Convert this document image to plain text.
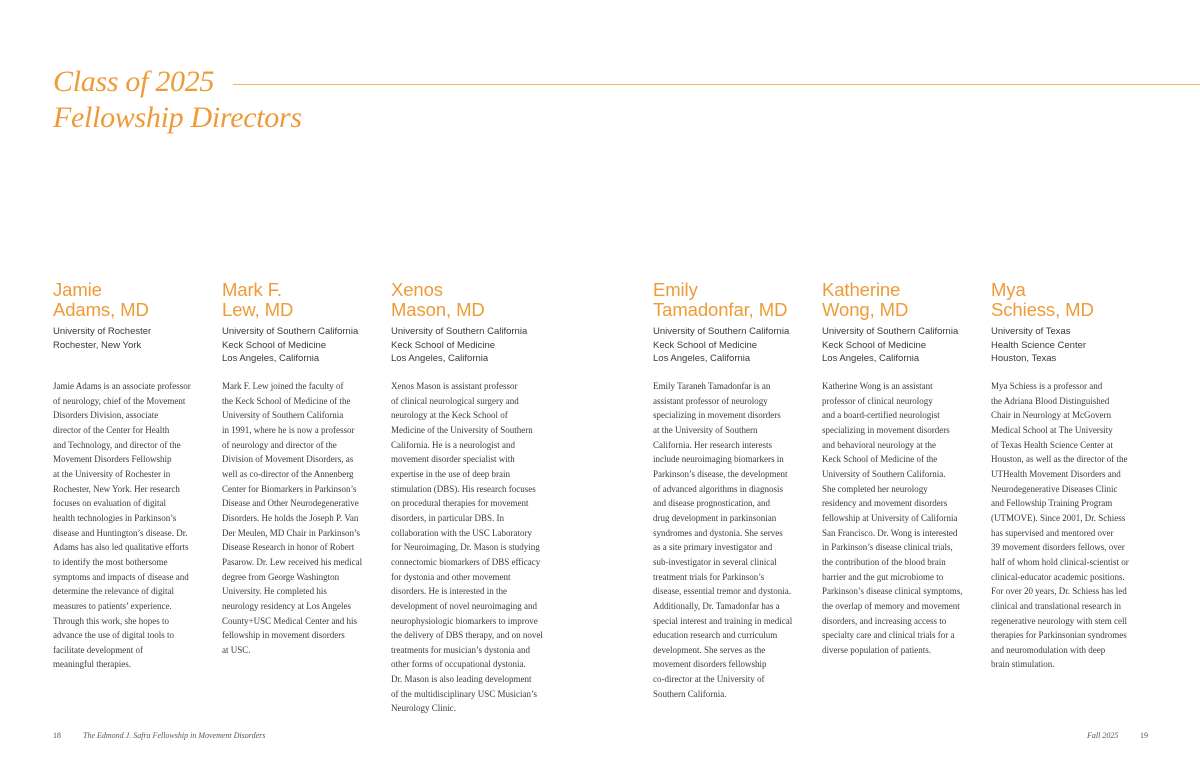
Class of 2025
Fellowship Directors
Jamie
Adams, MD
University of Rochester
Rochester, New York
Jamie Adams is an associate professor
of neurology, chief of the Movement
Disorders Division, associate
director of the Center for Health
and Technology, and director of the
Movement Disorders Fellowship
at the University of Rochester in
Rochester, New York. Her research
focuses on evaluation of digital
health technologies in Parkinson’s
disease and Huntington’s disease. Dr.
Adams has also led qualitative efforts
to identify the most bothersome
symptoms and impacts of disease and
determine the relevance of digital
measures to patients’ experience.
Through this work, she hopes to
advance the use of digital tools to
facilitate development of
meaningful therapies.
Mark F.
Lew, MD
University of Southern California
Keck School of Medicine
Los Angeles, California
Mark F. Lew joined the faculty of
the Keck School of Medicine of the
University of Southern California
in 1991, where he is now a professor
of neurology and director of the
Division of Movement Disorders, as
well as co-director of the Annenberg
Center for Biomarkers in Parkinson’s
Disease and Other Neurodegenerative
Disorders. He holds the Joseph P. Van
Der Meulen, MD Chair in Parkinson’s
Disease Research in honor of Robert
Pasarow. Dr. Lew received his medical
degree from George Washington
University. He completed his
neurology residency at Los Angeles
County+USC Medical Center and his
fellowship in movement disorders
at USC.
Xenos
Mason, MD
University of Southern California
Keck School of Medicine
Los Angeles, California
Xenos Mason is assistant professor
of clinical neurological surgery and
neurology at the Keck School of
Medicine of the University of Southern
California. He is a neurologist and
movement disorder specialist with
expertise in the use of deep brain
stimulation (DBS). His research focuses
on procedural therapies for movement
disorders, in particular DBS. In
collaboration with the USC Laboratory
for Neuroimaging, Dr. Mason is studying
connectomic biomarkers of DBS efficacy
for dystonia and other movement
disorders. He is interested in the
development of novel neuroimaging and
neurophysiologic biomarkers to improve
the delivery of DBS therapy, and on novel
treatments for musician’s dystonia and
other forms of occupational dystonia.
Dr. Mason is also leading development
of the multidisciplinary USC Musician’s
Neurology Clinic.
Emily
Tamadonfar, MD
University of Southern California
Keck School of Medicine
Los Angeles, California
Emily Taraneh Tamadonfar is an
assistant professor of neurology
specializing in movement disorders
at the University of Southern
California. Her research interests
include neuroimaging biomarkers in
Parkinson’s disease, the development
of advanced algorithms in diagnosis
and disease prognostication, and
drug development in parkinsonian
syndromes and dystonia. She serves
as a site primary investigator and
sub-investigator in several clinical
treatment trials for Parkinson’s
disease, essential tremor and dystonia.
Additionally, Dr. Tamadonfar has a
special interest and training in medical
education research and curriculum
development. She serves as the
movement disorders fellowship
co-director at the University of
Southern California.
Katherine
Wong, MD
University of Southern California
Keck School of Medicine
Los Angeles, California
Katherine Wong is an assistant
professor of clinical neurology
and a board-certified neurologist
specializing in movement disorders
and behavioral neurology at the
Keck School of Medicine of the
University of Southern California.
She completed her neurology
residency and movement disorders
fellowship at University of California
San Francisco. Dr. Wong is interested
in Parkinson’s disease clinical trials,
the contribution of the blood brain
barrier and the gut microbiome to
Parkinson’s disease clinical symptoms,
the overlap of memory and movement
disorders, and increasing access to
specialty care and clinical trials for a
diverse population of patients.
Mya
Schiess, MD
University of Texas
Health Science Center
Houston, Texas
Mya Schiess is a professor and
the Adriana Blood Distinguished
Chair in Neurology at McGovern
Medical School at The University
of Texas Health Science Center at
Houston, as well as the director of the
UTHealth Movement Disorders and
Neurodegenerative Diseases Clinic
and Fellowship Training Program
(UTMOVE). Since 2001, Dr. Schiess
has supervised and mentored over
39 movement disorders fellows, over
half of whom hold clinical-scientist or
clinical-educator academic positions.
For over 20 years, Dr. Schiess has led
clinical and translational research in
regenerative neurology with stem cell
therapies for Parkinsonian syndromes
and neuromodulation with deep
brain stimulation.
18	The Edmond J. Safra Fellowship in Movement Disorders	Fall 2025	19
